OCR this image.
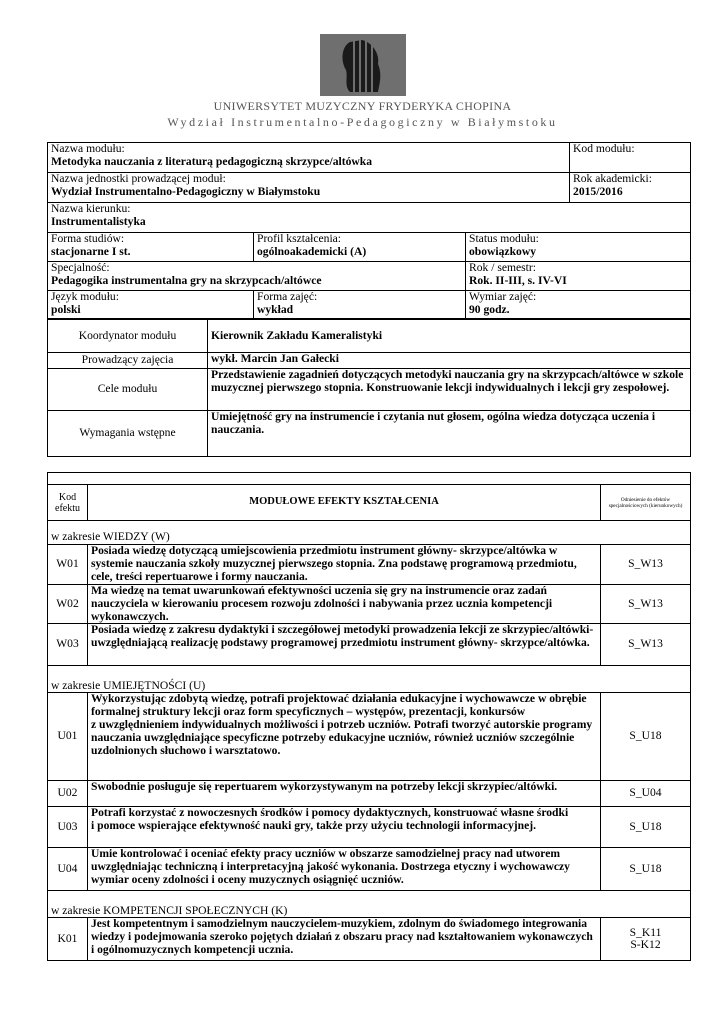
UNIWERSYTET MUZYCZNY FRYDERYKA CHOPINA
Wydział Instrumentalno-Pedagogiczny w Białymstoku
Nazwa modułu:
Metodyka nauczania z literaturą pedagogiczną skrzypce/altówka			Kod modułu:

Nazwa jednostki prowadzącej moduł:
Wydział Instrumentalno-Pedagogiczny w Białymstoku			Rok akademicki:
2015/2016

Nazwa kierunku:
Instrumentalistyka			

Forma studiów:
stacjonarne I st.	Profil kształcenia:
ogólnoakademicki (A)	Status modułu:
obowiązkowy	

Specjalność:
Pedagogika instrumentalna gry na skrzypcach/altówce		Rok / semestr:
Rok. II-III, s. IV-VI	

Język modułu:
polski	Forma zajęć:
wykład	Wymiar zajęć:
90 godz.	
Koordynator modułu	Kierownik Zakładu Kameralistyki
Prowadzący zajęcia	wykł. Marcin Jan Gałecki
Cele modułu	Przedstawienie zagadnień dotyczących metodyki nauczania gry na skrzypcach/altówce w szkole muzycznej pierwszego stopnia. Konstruowanie lekcji indywidualnych i lekcji gry zespołowej.
Wymagania wstępne	Umiejętność gry na instrumencie i czytania nut głosem, ogólna wiedza dotycząca uczenia i nauczania.

Kod efektu	MODUŁOWE EFEKTY KSZTAŁCENIA	Odniesienie do efektów specjalnościowych (kierunkowych)
w zakresie WIEDZY (W)		
W01	Posiada wiedzę dotyczącą umiejscowienia przedmiotu instrument główny- skrzypce/altówka w systemie nauczania szkoły muzycznej pierwszego stopnia. Zna podstawę programową przedmiotu, cele, treści repertuarowe i formy nauczania.	S_W13
W02	Ma wiedzę na temat uwarunkowań efektywności uczenia się gry na instrumencie oraz zadań nauczyciela w kierowaniu procesem rozwoju zdolności i nabywania przez ucznia kompetencji wykonawczych.	S_W13
W03	Posiada wiedzę z zakresu dydaktyki i szczegółowej metodyki prowadzenia lekcji ze skrzypiec/altówki- uwzględniającą realizację podstawy programowej przedmiotu instrument główny- skrzypce/altówka.	S_W13
w zakresie UMIEJĘTNOŚCI (U)		
U01	Wykorzystując zdobytą wiedzę, potrafi projektować działania edukacyjne i wychowawcze w obrębie formalnej struktury lekcji oraz form specyficznych – występów, prezentacji, konkursów
z uwzględnieniem indywidualnych możliwości i potrzeb uczniów. Potrafi tworzyć autorskie programy nauczania uwzględniające specyficzne potrzeby edukacyjne uczniów, również uczniów szczególnie uzdolnionych słuchowo i warsztatowo.	S_U18
U02	Swobodnie posługuje się repertuarem wykorzystywanym na potrzeby lekcji skrzypiec/altówki.	S_U04
U03	Potrafi korzystać z nowoczesnych środków i pomocy dydaktycznych, konstruować własne środki
i pomoce wspierające efektywność nauki gry, także przy użyciu technologii informacyjnej.	S_U18
U04	Umie kontrolować i oceniać efekty pracy uczniów w obszarze samodzielnej pracy nad utworem uwzględniając techniczną i interpretacyjną jakość wykonania. Dostrzega etyczny i wychowawczy wymiar oceny zdolności i oceny muzycznych osiągnięć uczniów.	S_U18
w zakresie KOMPETENCJI SPOŁECZNYCH (K)		
K01	Jest kompetentnym i samodzielnym nauczycielem-muzykiem, zdolnym do świadomego integrowania wiedzy i podejmowania szeroko pojętych działań z obszaru pracy nad kształtowaniem wykonawczych i ogólnomuzycznych kompetencji ucznia.	S_K11
S-K12
